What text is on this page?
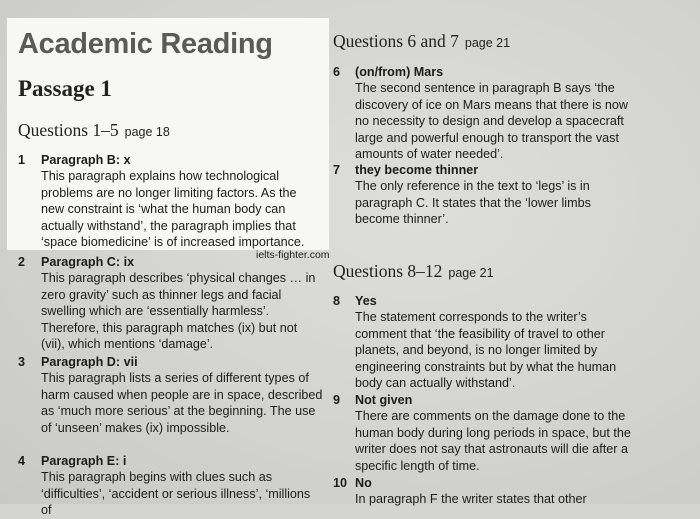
Academic Reading
Passage 1
Questions 1–5 page 18
Questions 6 and 7 page 21
Questions 8–12 page 21
1 Paragraph B: x
This paragraph explains how technological problems are no longer limiting factors. As the new constraint is ‘what the human body can actually withstand’, the paragraph implies that ‘space biomedicine’ is of increased importance.
2 Paragraph C: ix
This paragraph describes ‘physical changes … in zero gravity’ such as thinner legs and facial swelling which are ‘essentially harmless’. Therefore, this paragraph matches (ix) but not (vii), which mentions ‘damage’.
3 Paragraph D: vii
This paragraph lists a series of different types of harm caused when people are in space, described as ‘much more serious’ at the beginning. The use of ‘unseen’ makes (ix) impossible.
4 Paragraph E: i
This paragraph begins with clues such as ‘difficulties’, ‘accident or serious illness’, ‘millions of
6 (on/from) Mars
The second sentence in paragraph B says ‘the discovery of ice on Mars means that there is now no necessity to design and develop a spacecraft large and powerful enough to transport the vast amounts of water needed’.
7 they become thinner
The only reference in the text to ‘legs’ is in paragraph C. It states that the ‘lower limbs become thinner’.
8 Yes
The statement corresponds to the writer’s comment that ‘the feasibility of travel to other planets, and beyond, is no longer limited by engineering constraints but by what the human body can actually withstand’.
9 Not given
There are comments on the damage done to the human body during long periods in space, but the writer does not say that astronauts will die after a specific length of time.
10 No
In paragraph F the writer states that other
ielts-fighter.com
